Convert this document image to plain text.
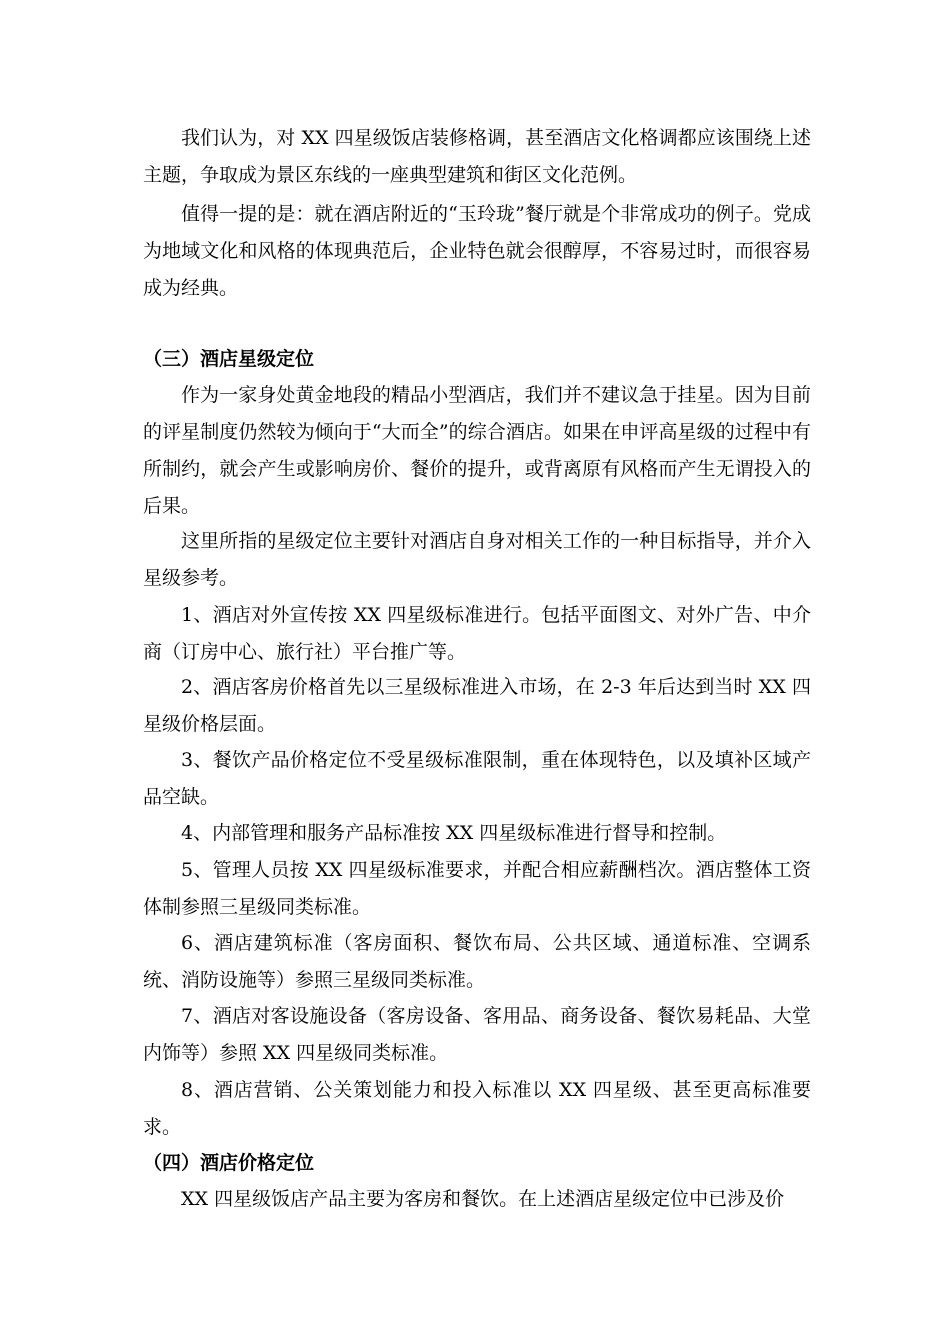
我们认为，对 XX 四星级饭店装修格调，甚至酒店文化格调都应该围绕上述主题，争取成为景区东线的一座典型建筑和街区文化范例。

值得一提的是：就在酒店附近的“玉玲珑”餐厅就是个非常成功的例子。党成为地域文化和风格的体现典范后，企业特色就会很醇厚，不容易过时，而很容易成为经典。

（三）酒店星级定位

作为一家身处黄金地段的精品小型酒店，我们并不建议急于挂星。因为目前的评星制度仍然较为倾向于“大而全”的综合酒店。如果在申评高星级的过程中有所制约，就会产生或影响房价、餐价的提升，或背离原有风格而产生无谓投入的后果。

这里所指的星级定位主要针对酒店自身对相关工作的一种目标指导，并介入星级参考。

1、酒店对外宣传按 XX 四星级标准进行。包括平面图文、对外广告、中介商（订房中心、旅行社）平台推广等。

2、酒店客房价格首先以三星级标准进入市场，在 2-3 年后达到当时 XX 四星级价格层面。

3、餐饮产品价格定位不受星级标准限制，重在体现特色，以及填补区域产品空缺。

4、内部管理和服务产品标准按 XX 四星级标准进行督导和控制。

5、管理人员按 XX 四星级标准要求，并配合相应薪酬档次。酒店整体工资体制参照三星级同类标准。

6、酒店建筑标准（客房面积、餐饮布局、公共区域、通道标准、空调系统、消防设施等）参照三星级同类标准。

7、酒店对客设施设备（客房设备、客用品、商务设备、餐饮易耗品、大堂内饰等）参照 XX 四星级同类标准。

8、酒店营销、公关策划能力和投入标准以 XX 四星级、甚至更高标准要求。

（四）酒店价格定位

XX 四星级饭店产品主要为客房和餐饮。在上述酒店星级定位中已涉及价
